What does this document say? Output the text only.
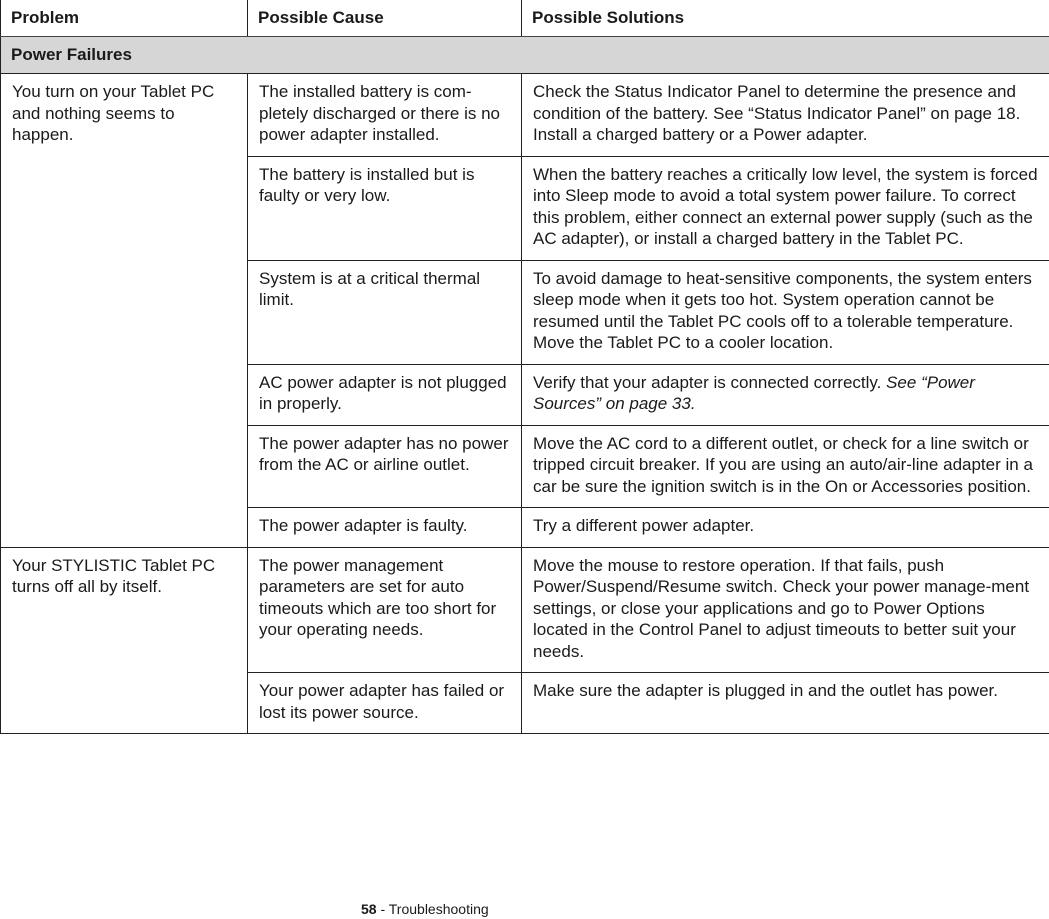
Problem	Possible Cause	Possible Solutions
Power Failures		
You turn on your Tablet PC and nothing seems to happen.	The installed battery is com-pletely discharged or there is no power adapter installed.	Check the Status Indicator Panel to determine the presence and condition of the battery. See “Status Indicator Panel” on page 18. Install a charged battery or a Power adapter.
	The battery is installed but is faulty or very low.	When the battery reaches a critically low level, the system is forced into Sleep mode to avoid a total system power failure. To correct this problem, either connect an external power supply (such as the AC adapter), or install a charged battery in the Tablet PC.
	System is at a critical thermal limit.	To avoid damage to heat-sensitive components, the system enters sleep mode when it gets too hot. System operation cannot be resumed until the Tablet PC cools off to a tolerable temperature. Move the Tablet PC to a cooler location.
	AC power adapter is not plugged in properly.	Verify that your adapter is connected correctly. See “Power Sources” on page 33.
	The power adapter has no power from the AC or airline outlet.	Move the AC cord to a different outlet, or check for a line switch or tripped circuit breaker. If you are using an auto/air-line adapter in a car be sure the ignition switch is in the On or Accessories position.
	The power adapter is faulty.	Try a different power adapter.
Your STYLISTIC Tablet PC turns off all by itself.	The power management parameters are set for auto timeouts which are too short for your operating needs.	Move the mouse to restore operation. If that fails, push Power/Suspend/Resume switch. Check your power manage-ment settings, or close your applications and go to Power Options located in the Control Panel to adjust timeouts to better suit your needs.
	Your power adapter has failed or lost its power source.	Make sure the adapter is plugged in and the outlet has power.
58 - Troubleshooting
